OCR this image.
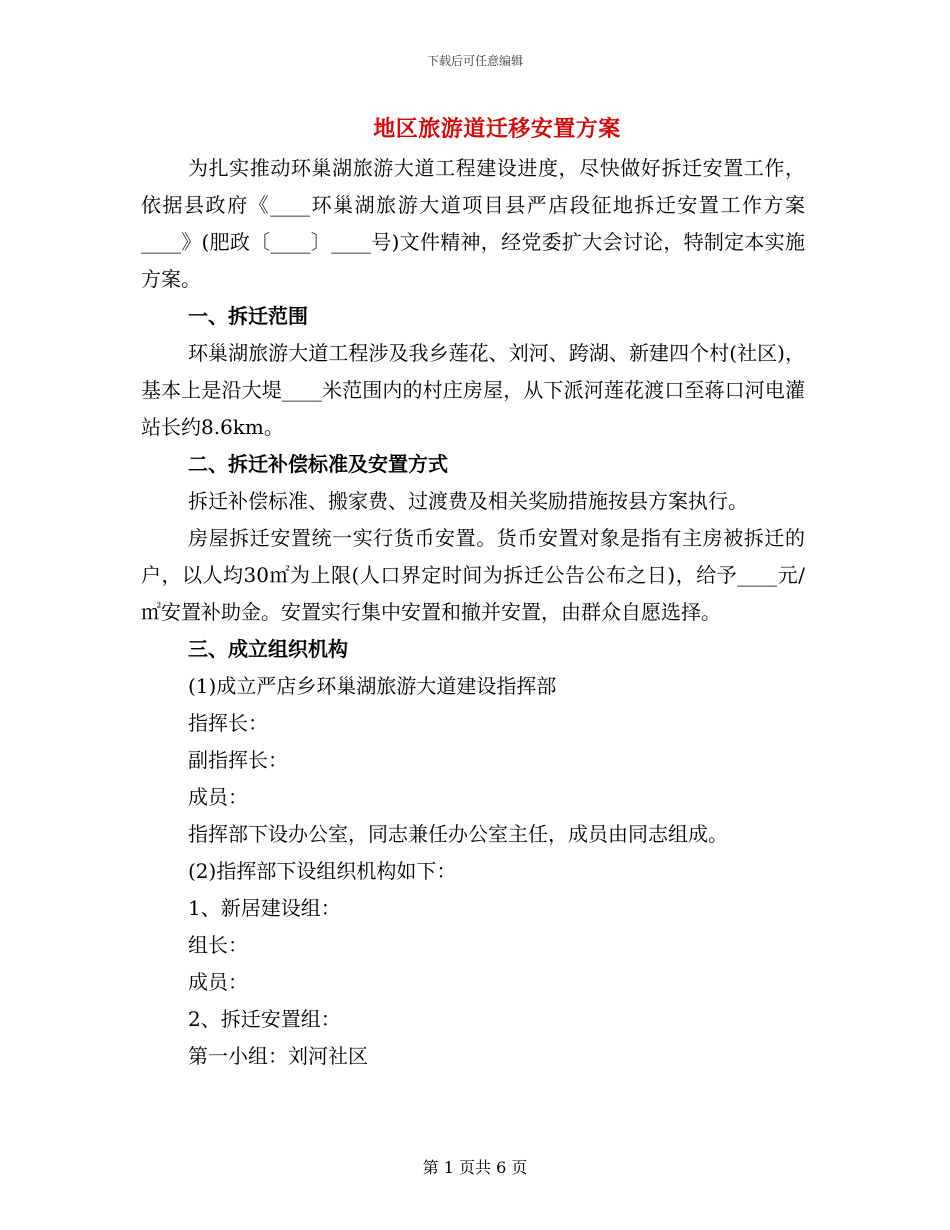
下载后可任意编辑
地区旅游道迁移安置方案

为扎实推动环巢湖旅游大道工程建设进度，尽快做好拆迁安置工作，依据县政府《____环巢湖旅游大道项目县严店段征地拆迁安置工作方案____》(肥政〔____〕____号)文件精神，经党委扩大会讨论，特制定本实施方案。

一、拆迁范围

环巢湖旅游大道工程涉及我乡莲花、刘河、跨湖、新建四个村(社区)，基本上是沿大堤____米范围内的村庄房屋，从下派河莲花渡口至蒋口河电灌站长约8.6km。

二、拆迁补偿标准及安置方式

拆迁补偿标准、搬家费、过渡费及相关奖励措施按县方案执行。

房屋拆迁安置统一实行货币安置。货币安置对象是指有主房被拆迁的户，以人均30㎡为上限(人口界定时间为拆迁公告公布之日)，给予____元/㎡安置补助金。安置实行集中安置和撤并安置，由群众自愿选择。

三、成立组织机构

(1)成立严店乡环巢湖旅游大道建设指挥部

指挥长：

副指挥长：

成员：

指挥部下设办公室，同志兼任办公室主任，成员由同志组成。

(2)指挥部下设组织机构如下：

1、新居建设组：

组长：

成员：

2、拆迁安置组：

第一小组：刘河社区

第 1 页共 6 页
